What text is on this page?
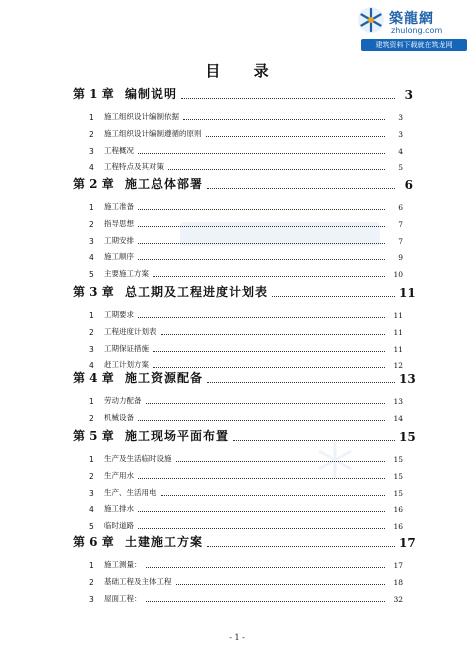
築龍網
zhulong.com
建筑资料下载就在筑龙网
目 录
第 1 章 编制说明	3
1	施工组织设计编制依据	3
2	施工组织设计编制遵循的原则	3
3	工程概况	4
4	工程特点及其对策	5
第 2 章 施工总体部署	6
1	施工准备	6
2	指导思想	7
3	工期安排	7
4	施工顺序	9
5	主要施工方案	10
第 3 章 总工期及工程进度计划表	11
1	工期要求	11
2	工程进度计划表	11
3	工期保证措施	11
4	赶工计划方案	12
第 4 章 施工资源配备	13
1	劳动力配备	13
2	机械设备	14
第 5 章 施工现场平面布置	15
1	生产及生活临时设施	15
2	生产用水	15
3	生产、生活用电	15
4	施工排水	16
5	临时道路	16
第 6 章 土建施工方案	17
1	施工测量：	17
2	基础工程及主体工程	18
3	屋面工程：	32
- 1 -
